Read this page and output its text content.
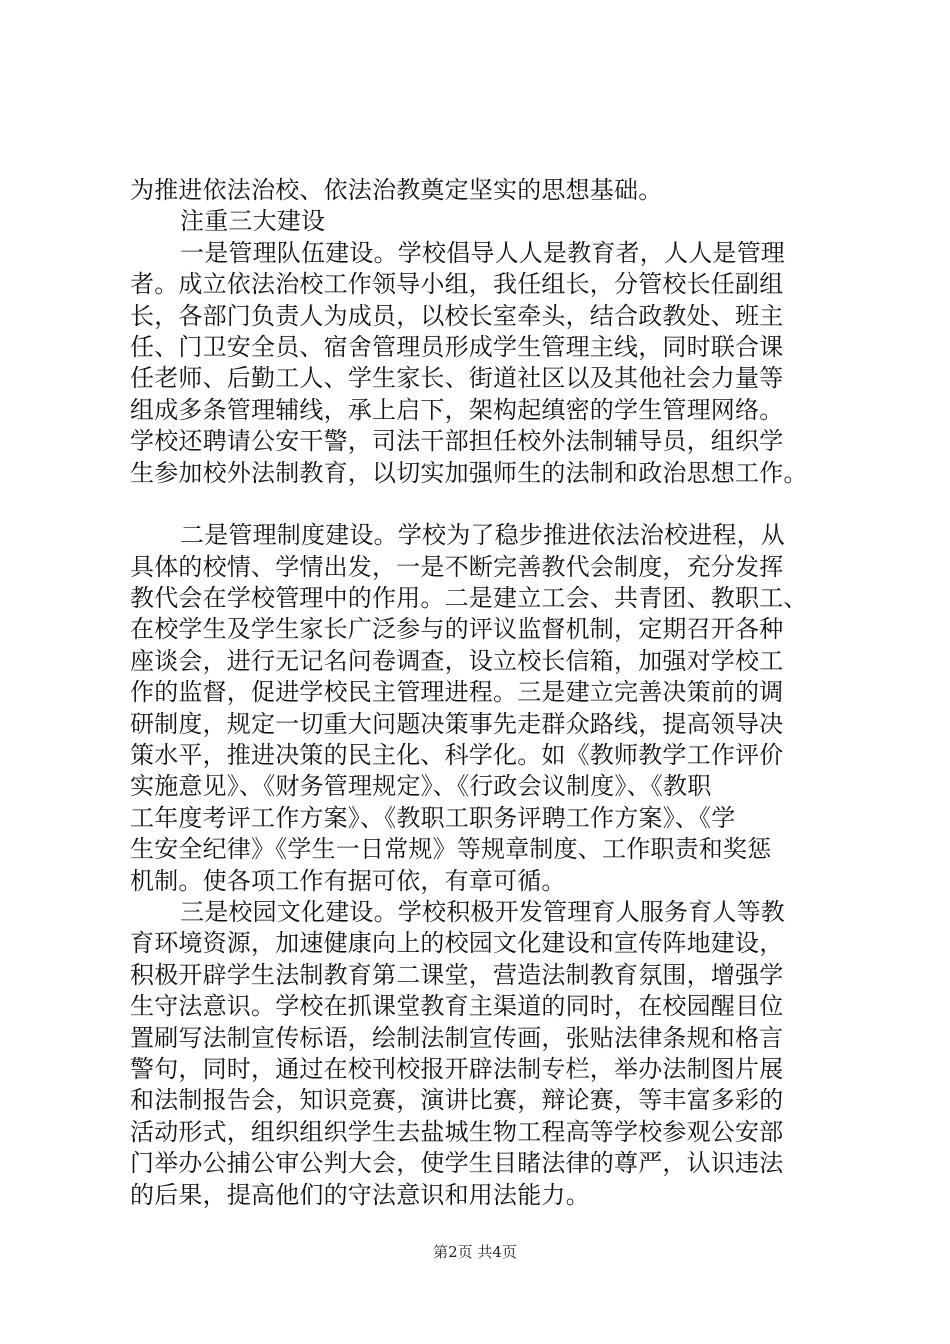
为推进依法治校、依法治教奠定坚实的思想基础。
注重三大建设
一是管理队伍建设。学校倡导人人是教育者，人人是管理
者。成立依法治校工作领导小组，我任组长，分管校长任副组
长，各部门负责人为成员，以校长室牵头，结合政教处、班主
任、门卫安全员、宿舍管理员形成学生管理主线，同时联合课
任老师、后勤工人、学生家长、街道社区以及其他社会力量等
组成多条管理辅线，承上启下，架构起缜密的学生管理网络。
学校还聘请公安干警，司法干部担任校外法制辅导员，组织学
生参加校外法制教育，以切实加强师生的法制和政治思想工作。
二是管理制度建设。学校为了稳步推进依法治校进程，从
具体的校情、学情出发，一是不断完善教代会制度，充分发挥
教代会在学校管理中的作用。二是建立工会、共青团、教职工、
在校学生及学生家长广泛参与的评议监督机制，定期召开各种
座谈会，进行无记名问卷调查，设立校长信箱，加强对学校工
作的监督，促进学校民主管理进程。三是建立完善决策前的调
研制度，规定一切重大问题决策事先走群众路线，提高领导决
策水平，推进决策的民主化、科学化。如《教师教学工作评价
实施意见》、《财务管理规定》、《行政会议制度》、《教职
工年度考评工作方案》、《教职工职务评聘工作方案》、《学
生安全纪律》《学生一日常规》等规章制度、工作职责和奖惩
机制。使各项工作有据可依，有章可循。
三是校园文化建设。学校积极开发管理育人服务育人等教
育环境资源，加速健康向上的校园文化建设和宣传阵地建设，
积极开辟学生法制教育第二课堂，营造法制教育氛围，增强学
生守法意识。学校在抓课堂教育主渠道的同时，在校园醒目位
置刷写法制宣传标语，绘制法制宣传画，张贴法律条规和格言
警句，同时，通过在校刊校报开辟法制专栏，举办法制图片展
和法制报告会，知识竞赛，演讲比赛，辩论赛，等丰富多彩的
活动形式，组织组织学生去盐城生物工程高等学校参观公安部
门举办公捕公审公判大会，使学生目睹法律的尊严，认识违法
的后果，提高他们的守法意识和用法能力。
第2页 共4页
